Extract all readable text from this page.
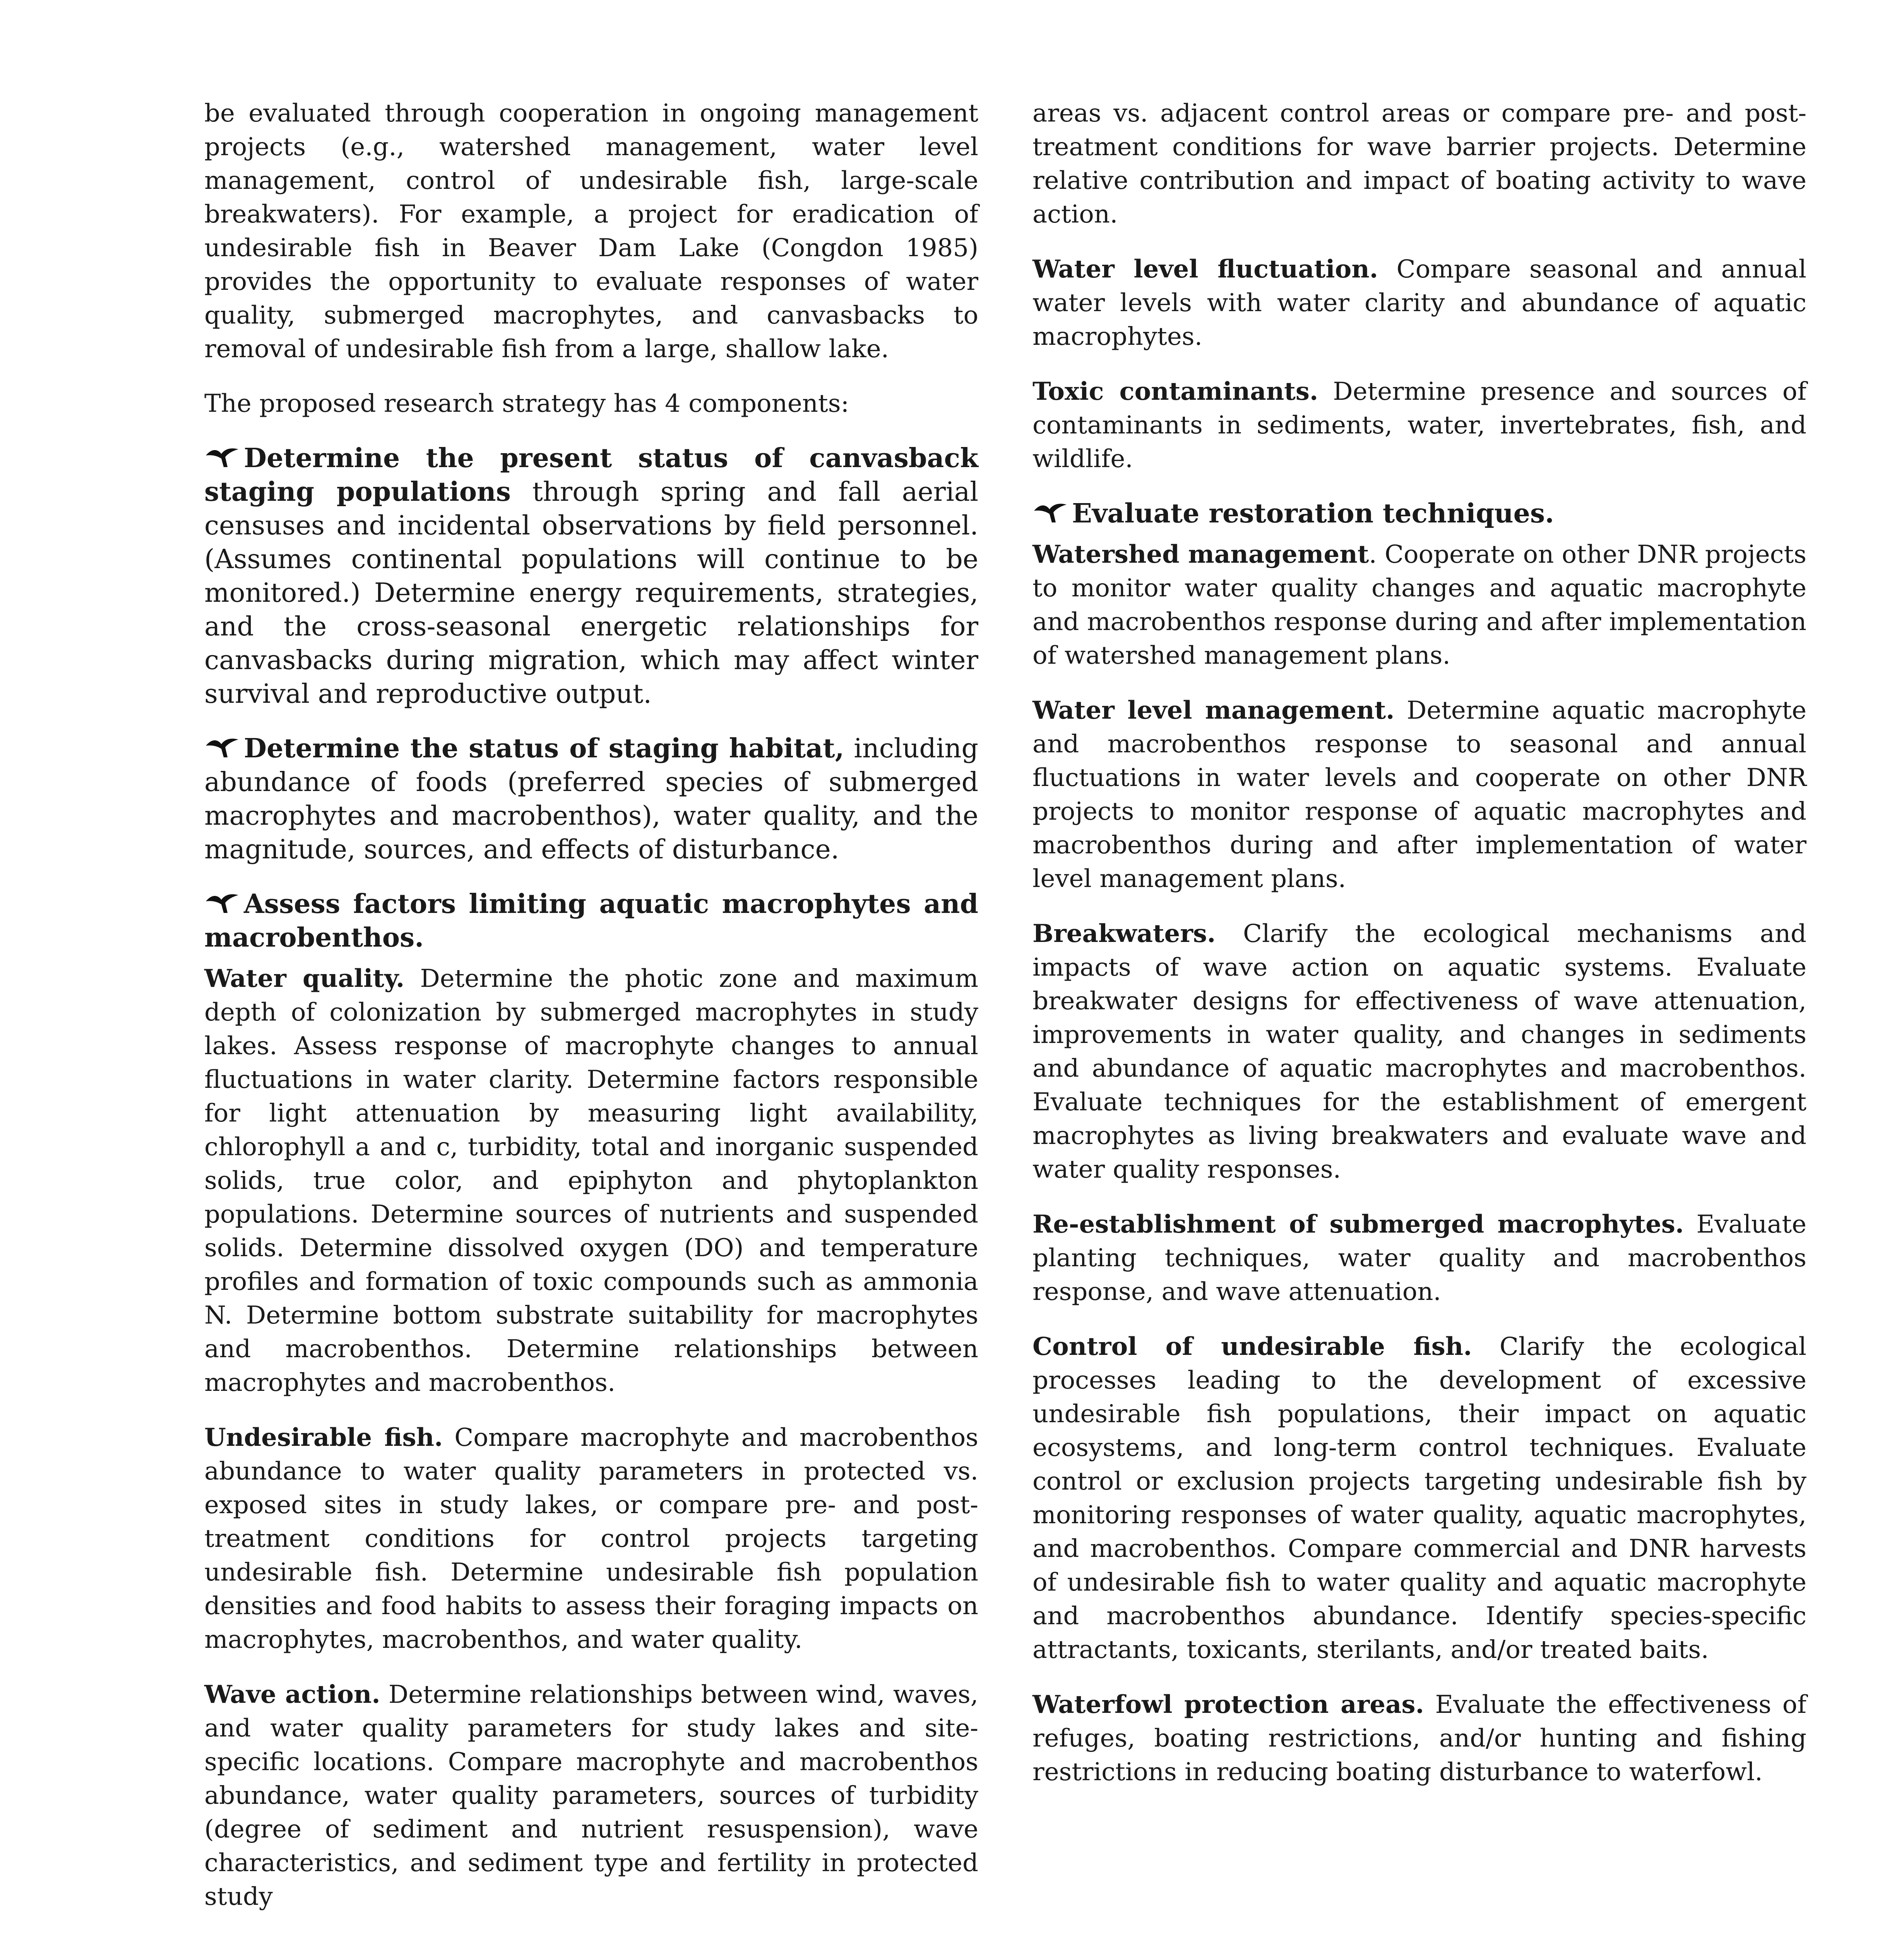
be evaluated through cooperation in ongoing management projects (e.g., watershed management, water level management, control of undesirable fish, large-scale breakwaters). For example, a project for eradication of undesirable fish in Beaver Dam Lake (Congdon 1985) provides the opportunity to evaluate responses of water quality, submerged macrophytes, and canvasbacks to removal of undesirable fish from a large, shallow lake.

The proposed research strategy has 4 components:

Determine the present status of canvasback staging populations through spring and fall aerial censuses and incidental observations by field personnel. (Assumes continental populations will continue to be monitored.) Determine energy requirements, strategies, and the cross-seasonal energetic relationships for canvasbacks during migration, which may affect winter survival and reproductive output.

Determine the status of staging habitat, including abundance of foods (preferred species of submerged macrophytes and macrobenthos), water quality, and the magnitude, sources, and effects of disturbance.

Assess factors limiting aquatic macrophytes and macrobenthos.

Water quality. Determine the photic zone and maximum depth of colonization by submerged macrophytes in study lakes. Assess response of macrophyte changes to annual fluctuations in water clarity. Determine factors responsible for light attenuation by measuring light availability, chlorophyll a and c, turbidity, total and inorganic suspended solids, true color, and epiphyton and phytoplankton populations. Determine sources of nutrients and suspended solids. Determine dissolved oxygen (DO) and temperature profiles and formation of toxic compounds such as ammonia N. Determine bottom substrate suitability for macrophytes and macrobenthos. Determine relationships between macrophytes and macrobenthos.

Undesirable fish. Compare macrophyte and macrobenthos abundance to water quality parameters in protected vs. exposed sites in study lakes, or compare pre- and post-treatment conditions for control projects targeting undesirable fish. Determine undesirable fish population densities and food habits to assess their foraging impacts on macrophytes, macrobenthos, and water quality.

Wave action. Determine relationships between wind, waves, and water quality parameters for study lakes and site-specific locations. Compare macrophyte and macrobenthos abundance, water quality parameters, sources of turbidity (degree of sediment and nutrient resuspension), wave characteristics, and sediment type and fertility in protected study

areas vs. adjacent control areas or compare pre- and post-treatment conditions for wave barrier projects. Determine relative contribution and impact of boating activity to wave action.

Water level fluctuation. Compare seasonal and annual water levels with water clarity and abundance of aquatic macrophytes.

Toxic contaminants. Determine presence and sources of contaminants in sediments, water, invertebrates, fish, and wildlife.

Evaluate restoration techniques.

Watershed management. Cooperate on other DNR projects to monitor water quality changes and aquatic macrophyte and macrobenthos response during and after implementation of watershed management plans.

Water level management. Determine aquatic macrophyte and macrobenthos response to seasonal and annual fluctuations in water levels and cooperate on other DNR projects to monitor response of aquatic macrophytes and macrobenthos during and after implementation of water level management plans.

Breakwaters. Clarify the ecological mechanisms and impacts of wave action on aquatic systems. Evaluate breakwater designs for effectiveness of wave attenuation, improvements in water quality, and changes in sediments and abundance of aquatic macrophytes and macrobenthos. Evaluate techniques for the establishment of emergent macrophytes as living breakwaters and evaluate wave and water quality responses.

Re-establishment of submerged macrophytes. Evaluate planting techniques, water quality and macrobenthos response, and wave attenuation.

Control of undesirable fish. Clarify the ecological processes leading to the development of excessive undesirable fish populations, their impact on aquatic ecosystems, and long-term control techniques. Evaluate control or exclusion projects targeting undesirable fish by monitoring responses of water quality, aquatic macrophytes, and macrobenthos. Compare commercial and DNR harvests of undesirable fish to water quality and aquatic macrophyte and macrobenthos abundance. Identify species-specific attractants, toxicants, sterilants, and/or treated baits.

Waterfowl protection areas. Evaluate the effectiveness of refuges, boating restrictions, and/or hunting and fishing restrictions in reducing boating disturbance to waterfowl.
